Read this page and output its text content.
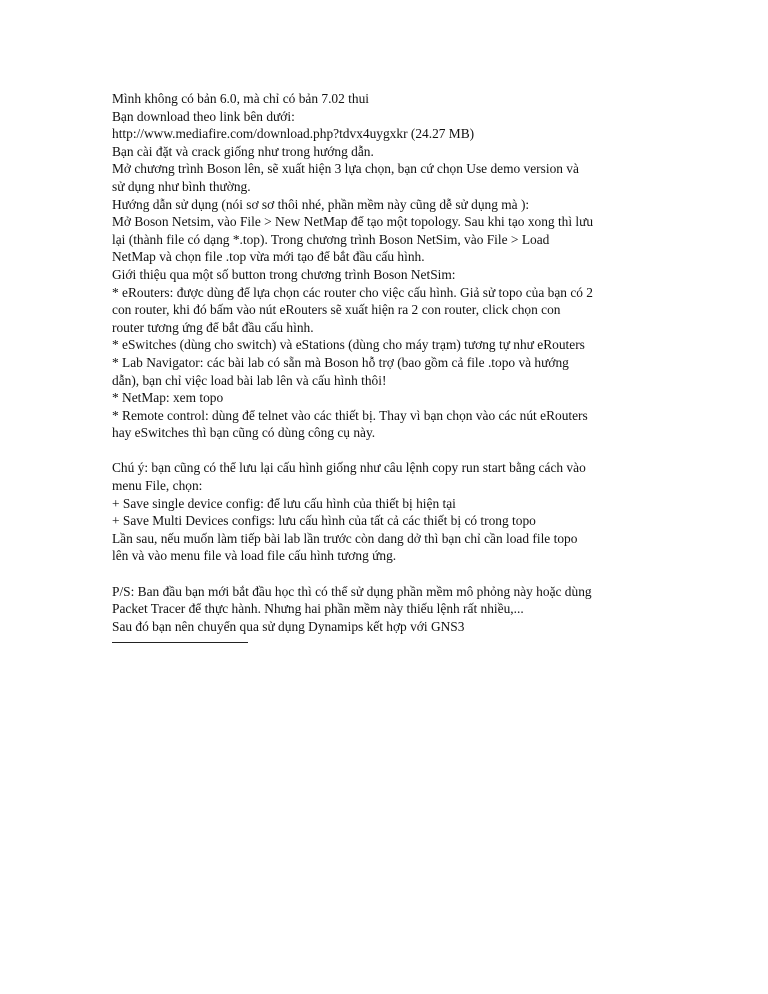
Mình không có bản 6.0, mà chỉ có bản 7.02 thui
Bạn download theo link bên dưới:
http://www.mediafire.com/download.php?tdvx4uygxkr (24.27 MB)
Bạn cài đặt và crack giống như trong hướng dẫn.
Mở chương trình Boson lên, sẽ xuất hiện 3 lựa chọn, bạn cứ chọn Use demo version và
sử dụng như bình thường.
Hướng dẫn sử dụng (nói sơ sơ thôi nhé, phần mềm này cũng dễ sử dụng mà ):
Mở Boson Netsim, vào File > New NetMap để tạo một topology. Sau khi tạo xong thì lưu
lại (thành file có dạng *.top). Trong chương trình Boson NetSim, vào File > Load
NetMap và chọn file .top vừa mới tạo để bắt đầu cấu hình.
Giới thiệu qua một số button trong chương trình Boson NetSim:
* eRouters: được dùng để lựa chọn các router cho việc cấu hình. Giả sử topo của bạn có 2
con router, khi đó bấm vào nút eRouters sẽ xuất hiện ra 2 con router, click chọn con
router tương ứng để bắt đầu cấu hình.
* eSwitches (dùng cho switch) và eStations (dùng cho máy trạm) tương tự như eRouters
* Lab Navigator: các bài lab có sẵn mà Boson hỗ trợ (bao gồm cả file .topo và hướng
dẫn), bạn chỉ việc load bài lab lên và cấu hình thôi!
* NetMap: xem topo
* Remote control: dùng để telnet vào các thiết bị. Thay vì bạn chọn vào các nút eRouters
hay eSwitches thì bạn cũng có dùng công cụ này.
Chú ý: bạn cũng có thể lưu lại cấu hình giống như câu lệnh copy run start bằng cách vào
menu File, chọn:
+ Save single device config: để lưu cấu hình của thiết bị hiện tại
+ Save Multi Devices configs: lưu cấu hình của tất cả các thiết bị có trong topo
Lần sau, nếu muốn làm tiếp bài lab lần trước còn dang dở thì bạn chỉ cần load file topo
lên và vào menu file và load file cấu hình tương ứng.
P/S: Ban đầu bạn mới bắt đầu học thì có thể sử dụng phần mềm mô phỏng này hoặc dùng
Packet Tracer để thực hành. Nhưng hai phần mềm này thiếu lệnh rất nhiều,...
Sau đó bạn nên chuyển qua sử dụng Dynamips kết hợp với GNS3
